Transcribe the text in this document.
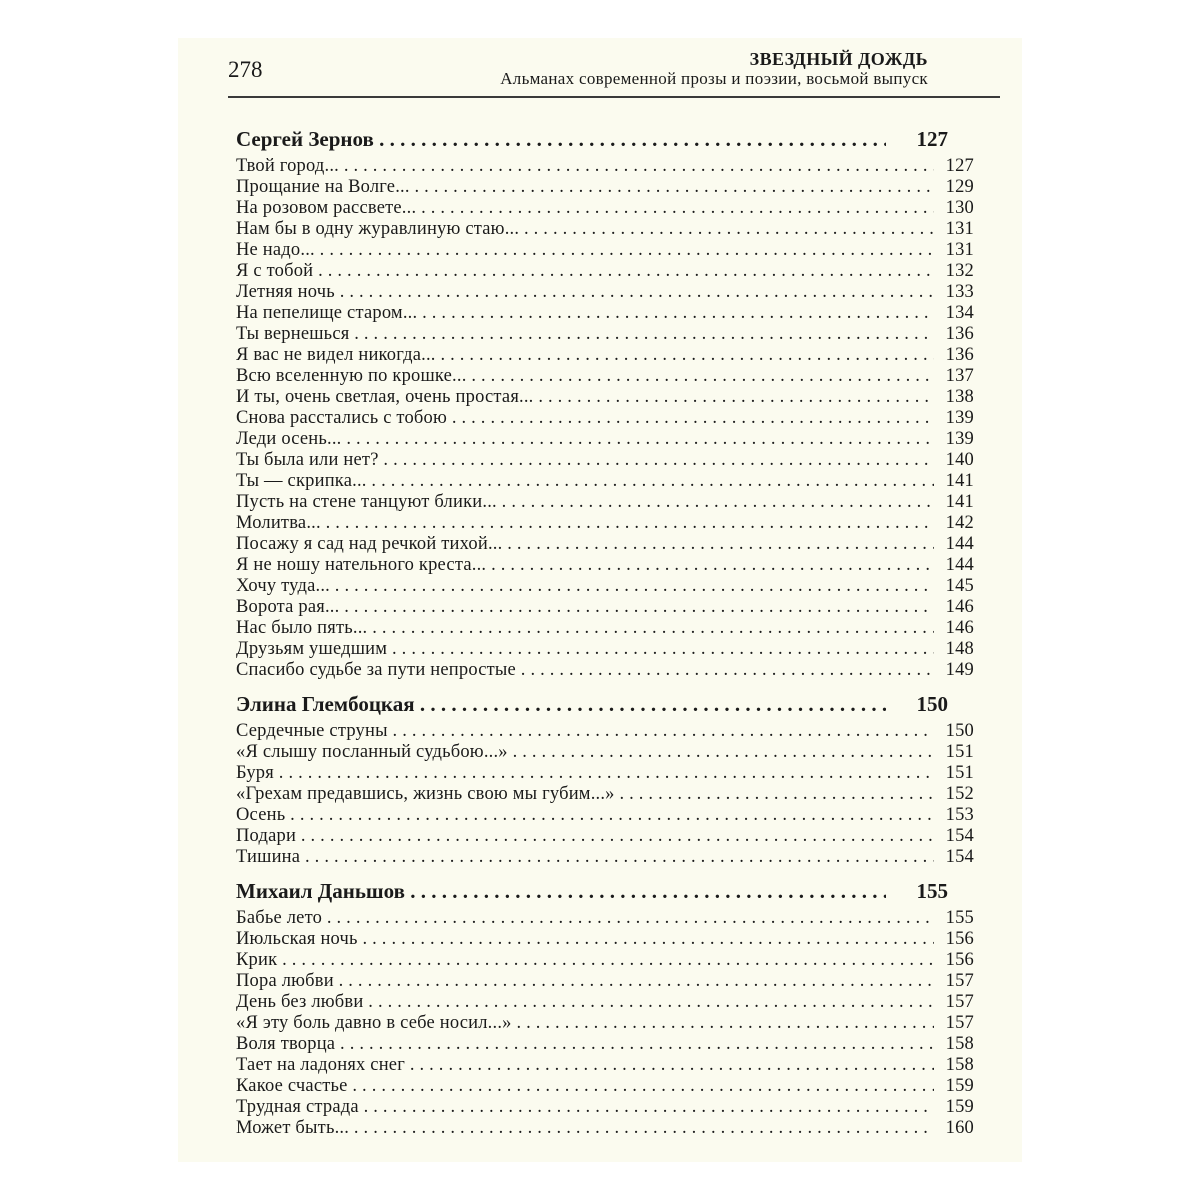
278	ЗВЕЗДНЫЙ ДОЖДЬ
Альманах современной прозы и поэзии, восьмой выпуск
Сергей Зернов . . .	127
Твой город... . . .	127
Прощание на Волге... . . .	129
На розовом рассвете... . . .	130
Нам бы в одну журавлиную стаю... . . .	131
Не надо... . . .	131
Я с тобой . . .	132
Летняя ночь . . .	133
На пепелище старом... . . .	134
Ты вернешься . . .	136
Я вас не видел никогда... . . .	136
Всю вселенную по крошке... . . .	137
И ты, очень светлая, очень простая... . . .	138
Снова расстались с тобою . . .	139
Леди осень... . . .	139
Ты была или нет? . . .	140
Ты — скрипка... . . .	141
Пусть на стене танцуют блики... . . .	141
Молитва... . . .	142
Посажу я сад над речкой тихой... . . .	144
Я не ношу нательного креста... . . .	144
Хочу туда... . . .	145
Ворота рая... . . .	146
Нас было пять... . . .	146
Друзьям ушедшим . . .	148
Спасибо судьбе за пути непростые . . .	149
Элина Глембоцкая . . .	150
Сердечные струны . . .	150
«Я слышу посланный судьбою...» . . .	151
Буря . . .	151
«Грехам предавшись, жизнь свою мы губим...» . . .	152
Осень . . .	153
Подари . . .	154
Тишина . . .	154
Михаил Даньшов . . .	155
Бабье лето . . .	155
Июльская ночь . . .	156
Крик . . .	156
Пора любви . . .	157
День без любви . . .	157
«Я эту боль давно в себе носил...» . . .	157
Воля творца . . .	158
Тает на ладонях снег . . .	158
Какое счастье . . .	159
Трудная страда . . .	159
Может быть... . . .	160
